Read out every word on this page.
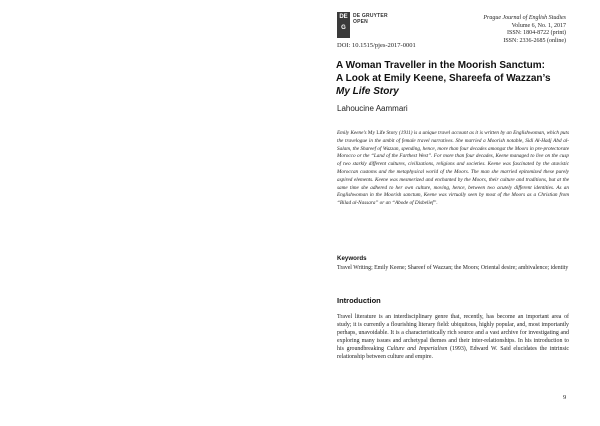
DE
G
DE GRUYTER
OPEN
Prague Journal of English Studies
Volume 6, No. 1, 2017
ISSN: 1804-8722 (print)
ISSN: 2336-2685 (online)
DOI: 10.1515/pjes-2017-0001
A Woman Traveller in the Moorish Sanctum:
A Look at Emily Keene, Shareefa of Wazzan’s
My Life Story
Lahoucine Aammari

Emily Keene’s My Life Story (1911) is a unique travel account as it is written by an Englishwoman, which puts the travelogue in the ambit of female travel narratives. She married a Moorish notable, Sidi Al-Hadj Abd al-Salam, the Shareef of Wazzan, spending, hence, more than four decades amongst the Moors in pre-protectorate Morocco or the “Land of the Farthest West”. For more than four decades, Keene managed to live on the cusp of two starkly different cultures, civilizations, religions and societies. Keene was fascinated by the atavistic Moroccan customs and the metaphysical world of the Moors. The man she married epitomized these purely aspired elements. Keene was mesmerized and enchanted by the Moors, their culture and traditions, but at the same time she adhered to her own culture, moving, hence, between two acutely different identities. As an Englishwoman in the Moorish sanctum, Keene was virtually seen by most of the Moors as a Christian from “Bilad al-Nassara” or an “Abode of Disbelief”.

Keywords

Travel Writing; Emily Keene; Shareef of Wazzan; the Moors; Oriental desire; ambivalence; identity

Introduction

Travel literature is an interdisciplinary genre that, recently, has become an important area of study; it is currently a flourishing literary field: ubiquitous, highly popular, and, most importantly perhaps, unavoidable. It is a characteristically rich source and a vast archive for investigating and exploring many issues and archetypal themes and their inter-relationships. In his introduction to his groundbreaking Culture and Imperialism (1993), Edward W. Said elucidates the intrinsic relationship between culture and empire.

9
